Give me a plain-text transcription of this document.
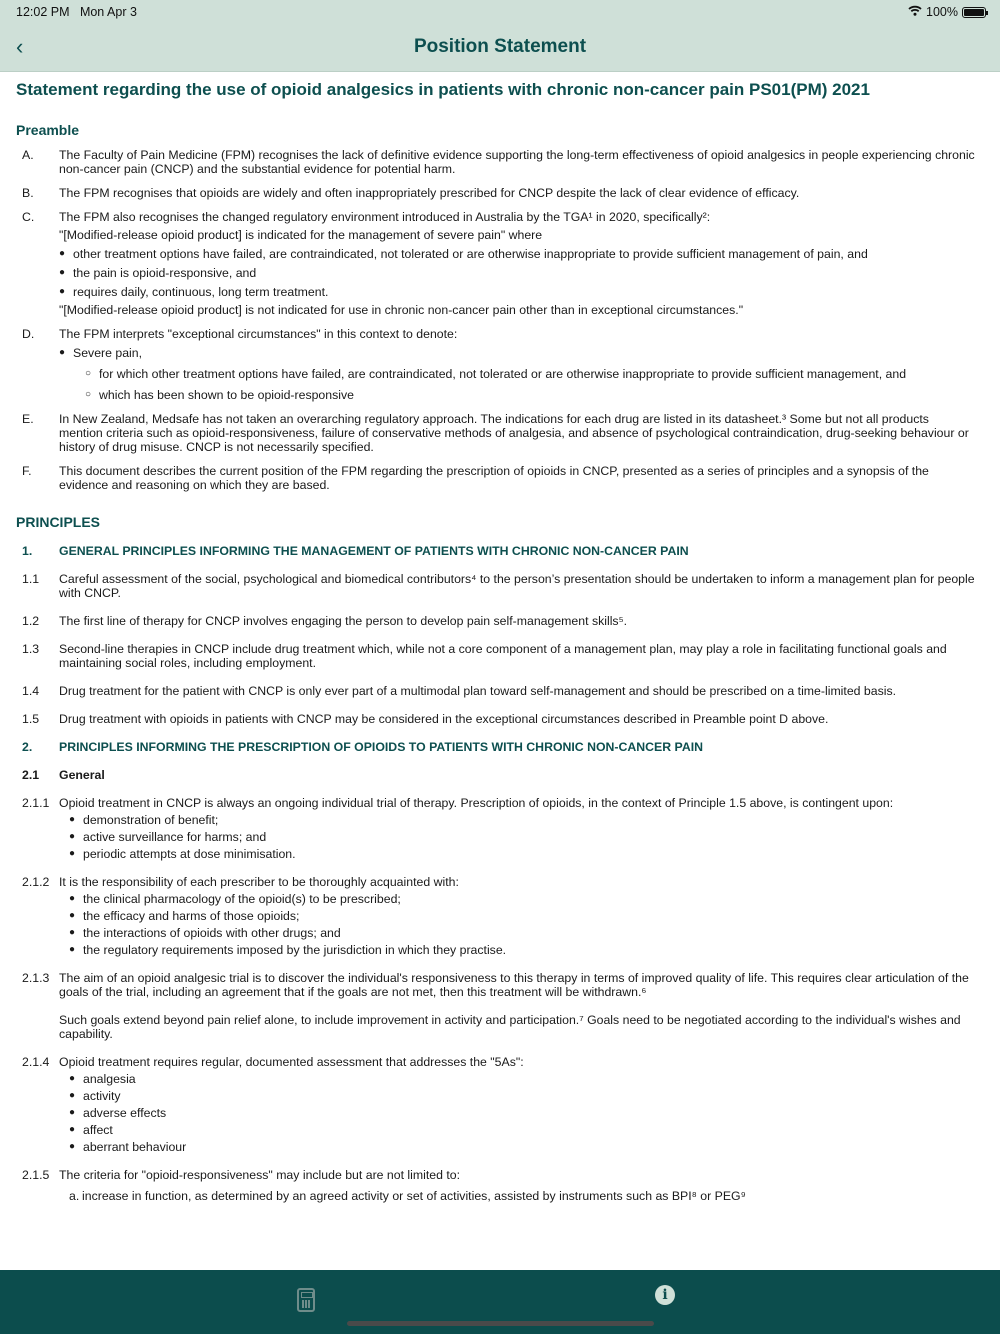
12:02 PM Mon Apr 3	100%
‹	Position Statement
Statement regarding the use of opioid analgesics in patients with chronic non-cancer pain PS01(PM) 2021
Preamble
A.	The Faculty of Pain Medicine (FPM) recognises the lack of definitive evidence supporting the long-term effectiveness of opioid analgesics in people experiencing chronic non-cancer pain (CNCP) and the substantial evidence for potential harm.
B.	The FPM recognises that opioids are widely and often inappropriately prescribed for CNCP despite the lack of clear evidence of efficacy.
C.	The FPM also recognises the changed regulatory environment introduced in Australia by the TGA¹ in 2020, specifically²:
"[Modified-release opioid product] is indicated for the management of severe pain" where
● other treatment options have failed, are contraindicated, not tolerated or are otherwise inappropriate to provide sufficient management of pain, and
● the pain is opioid-responsive, and
● requires daily, continuous, long term treatment.
"[Modified-release opioid product] is not indicated for use in chronic non-cancer pain other than in exceptional circumstances."
D.	The FPM interprets "exceptional circumstances" in this context to denote:
● Severe pain,
○ for which other treatment options have failed, are contraindicated, not tolerated or are otherwise inappropriate to provide sufficient management, and
○ which has been shown to be opioid-responsive
E.	In New Zealand, Medsafe has not taken an overarching regulatory approach. The indications for each drug are listed in its datasheet.³ Some but not all products mention criteria such as opioid-responsiveness, failure of conservative methods of analgesia, and absence of psychological contraindication, drug-seeking behaviour or history of drug misuse. CNCP is not necessarily specified.
F.	This document describes the current position of the FPM regarding the prescription of opioids in CNCP, presented as a series of principles and a synopsis of the evidence and reasoning on which they are based.
PRINCIPLES
1.	GENERAL PRINCIPLES INFORMING THE MANAGEMENT OF PATIENTS WITH CHRONIC NON-CANCER PAIN
1.1	Careful assessment of the social, psychological and biomedical contributors⁴ to the person’s presentation should be undertaken to inform a management plan for people with CNCP.
1.2	The first line of therapy for CNCP involves engaging the person to develop pain self-management skills⁵.
1.3	Second-line therapies in CNCP include drug treatment which, while not a core component of a management plan, may play a role in facilitating functional goals and maintaining social roles, including employment.
1.4	Drug treatment for the patient with CNCP is only ever part of a multimodal plan toward self-management and should be prescribed on a time-limited basis.
1.5	Drug treatment with opioids in patients with CNCP may be considered in the exceptional circumstances described in Preamble point D above.
2.	PRINCIPLES INFORMING THE PRESCRIPTION OF OPIOIDS TO PATIENTS WITH CHRONIC NON-CANCER PAIN
2.1	General
2.1.1 Opioid treatment in CNCP is always an ongoing individual trial of therapy. Prescription of opioids, in the context of Principle 1.5 above, is contingent upon:
● demonstration of benefit;
● active surveillance for harms; and
● periodic attempts at dose minimisation.
2.1.2 It is the responsibility of each prescriber to be thoroughly acquainted with:
● the clinical pharmacology of the opioid(s) to be prescribed;
● the efficacy and harms of those opioids;
● the interactions of opioids with other drugs; and
● the regulatory requirements imposed by the jurisdiction in which they practise.
2.1.3 The aim of an opioid analgesic trial is to discover the individual's responsiveness to this therapy in terms of improved quality of life. This requires clear articulation of the goals of the trial, including an agreement that if the goals are not met, then this treatment will be withdrawn.⁶
Such goals extend beyond pain relief alone, to include improvement in activity and participation.⁷ Goals need to be negotiated according to the individual's wishes and capability.
2.1.4 Opioid treatment requires regular, documented assessment that addresses the "5As":
● analgesia
● activity
● adverse effects
● affect
● aberrant behaviour
2.1.5 The criteria for "opioid-responsiveness" may include but are not limited to:
a. increase in function, as determined by an agreed activity or set of activities, assisted by instruments such as BPI⁸ or PEG⁹
i
